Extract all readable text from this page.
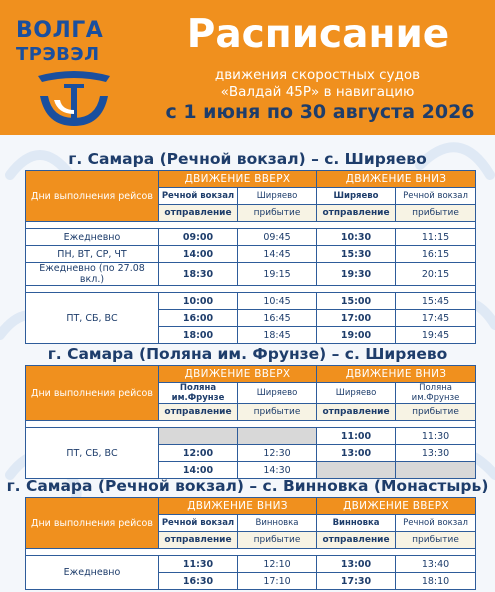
ВОЛГА
ТРЭВЭЛ	Расписание
движения скоростных судов
«Валдай 45Р» в навигацию
с 1 июня по 30 августа 2026
г. Самара (Речной вокзал) – с. Ширяево
Дни выполнения рейсов	ДВИЖЕНИЕ ВВЕРХ		ДВИЖЕНИЕ ВНИЗ	
	Речной вокзал	Ширяево	Ширяево	Речной вокзал
	отправление	прибытие	отправление	прибытие

Ежедневно	09:00	09:45	10:30	11:15
ПН, ВТ, СР, ЧТ	14:00	14:45	15:30	16:15
Ежедневно (по 27.08 вкл.)	18:30	19:15	19:30	20:15

ПТ, СБ, ВС	10:00	10:45	15:00	15:45
	16:00	16:45	17:00	17:45
	18:00	18:45	19:00	19:45
г. Самара (Поляна им. Фрунзе) – с. Ширяево
Дни выполнения рейсов	ДВИЖЕНИЕ ВВЕРХ		ДВИЖЕНИЕ ВНИЗ	
	Поляна им.Фрунзе	Ширяево	Ширяево	Поляна им.Фрунзе
	отправление	прибытие	отправление	прибытие

ПТ, СБ, ВС			11:00	11:30
	12:00	12:30	13:00	13:30
	14:00	14:30		
г. Самара (Речной вокзал) – с. Винновка (Монастырь)
Дни выполнения рейсов	ДВИЖЕНИЕ ВНИЗ		ДВИЖЕНИЕ ВВЕРХ	
	Речной вокзал	Винновка	Винновка	Речной вокзал
	отправление	прибытие	отправление	прибытие

Ежедневно	11:30	12:10	13:00	13:40
	16:30	17:10	17:30	18:10
